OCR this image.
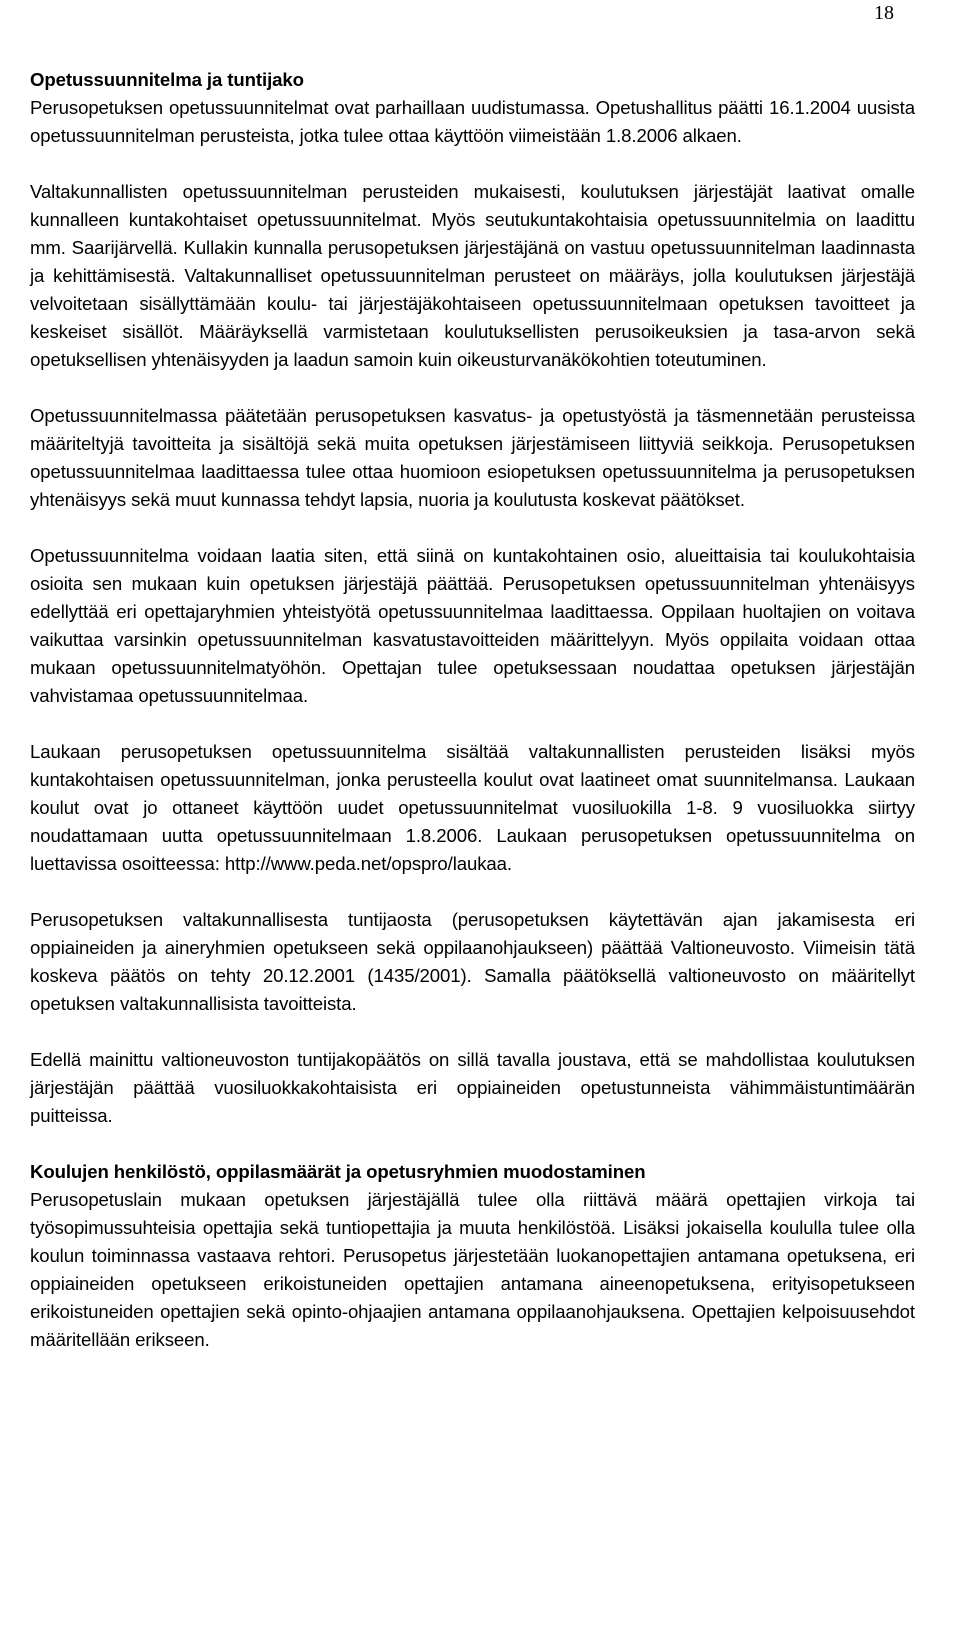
18
Opetussuunnitelma ja tuntijako

Perusopetuksen opetussuunnitelmat ovat parhaillaan uudistumassa. Opetushallitus päätti 16.1.2004 uusista opetussuunnitelman perusteista, jotka tulee ottaa käyttöön viimeistään 1.8.2006 alkaen.

Valtakunnallisten opetussuunnitelman perusteiden mukaisesti, koulutuksen järjestäjät laativat omalle kunnalleen kuntakohtaiset opetussuunnitelmat. Myös seutukuntakohtaisia opetussuunnitelmia on laadittu mm. Saarijärvellä. Kullakin kunnalla perusopetuksen järjestäjänä on vastuu opetussuunnitelman laadinnasta ja kehittämisestä. Valtakunnalliset opetussuunnitelman perusteet on määräys, jolla koulutuksen järjestäjä velvoitetaan sisällyttämään koulu- tai järjestäjäkohtaiseen opetussuunnitelmaan opetuksen tavoitteet ja keskeiset sisällöt. Määräyksellä varmistetaan koulutuksellisten perusoikeuksien ja tasa-arvon sekä opetuksellisen yhtenäisyyden ja laadun samoin kuin oikeusturvanäkökohtien toteutuminen.

Opetussuunnitelmassa päätetään perusopetuksen kasvatus- ja opetustyöstä ja täsmennetään perusteissa määriteltyjä tavoitteita ja sisältöjä sekä muita opetuksen järjestämiseen liittyviä seikkoja. Perusopetuksen opetussuunnitelmaa laadittaessa tulee ottaa huomioon esiopetuksen opetussuunnitelma ja perusopetuksen yhtenäisyys sekä muut kunnassa tehdyt lapsia, nuoria ja koulutusta koskevat päätökset.

Opetussuunnitelma voidaan laatia siten, että siinä on kuntakohtainen osio, alueittaisia tai koulukohtaisia osioita sen mukaan kuin opetuksen järjestäjä päättää. Perusopetuksen opetussuunnitelman yhtenäisyys edellyttää eri opettajaryhmien yhteistyötä opetussuunnitelmaa laadittaessa. Oppilaan huoltajien on voitava vaikuttaa varsinkin opetussuunnitelman kasvatustavoitteiden määrittelyyn. Myös oppilaita voidaan ottaa mukaan opetussuunnitelmatyöhön. Opettajan tulee opetuksessaan noudattaa opetuksen järjestäjän vahvistamaa opetussuunnitelmaa.

Laukaan perusopetuksen opetussuunnitelma sisältää valtakunnallisten perusteiden lisäksi myös kuntakohtaisen opetussuunnitelman, jonka perusteella koulut ovat laatineet omat suunnitelmansa. Laukaan koulut ovat jo ottaneet käyttöön uudet opetussuunnitelmat vuosiluokilla 1-8. 9 vuosiluokka siirtyy noudattamaan uutta opetussuunnitelmaan 1.8.2006. Laukaan perusopetuksen opetussuunnitelma on luettavissa osoitteessa: http://www.peda.net/opspro/laukaa.

Perusopetuksen valtakunnallisesta tuntijaosta (perusopetuksen käytettävän ajan jakamisesta eri oppiaineiden ja aineryhmien opetukseen sekä oppilaanohjaukseen) päättää Valtioneuvosto. Viimeisin tätä koskeva päätös on tehty 20.12.2001 (1435/2001). Samalla päätöksellä valtioneuvosto on määritellyt opetuksen valtakunnallisista tavoitteista.

Edellä mainittu valtioneuvoston tuntijakopäätös on sillä tavalla joustava, että se mahdollistaa koulutuksen järjestäjän päättää vuosiluokkakohtaisista eri oppiaineiden opetustunneista vähimmäistuntimäärän puitteissa.

Koulujen henkilöstö, oppilasmäärät ja opetusryhmien muodostaminen

Perusopetuslain mukaan opetuksen järjestäjällä tulee olla riittävä määrä opettajien virkoja tai työsopimussuhteisia opettajia sekä tuntiopettajia ja muuta henkilöstöä. Lisäksi jokaisella koululla tulee olla koulun toiminnassa vastaava rehtori. Perusopetus järjestetään luokanopettajien antamana opetuksena, eri oppiaineiden opetukseen erikoistuneiden opettajien antamana aineenopetuksena, erityisopetukseen erikoistuneiden opettajien sekä opinto-ohjaajien antamana oppilaanohjauksena. Opettajien kelpoisuusehdot määritellään erikseen.
